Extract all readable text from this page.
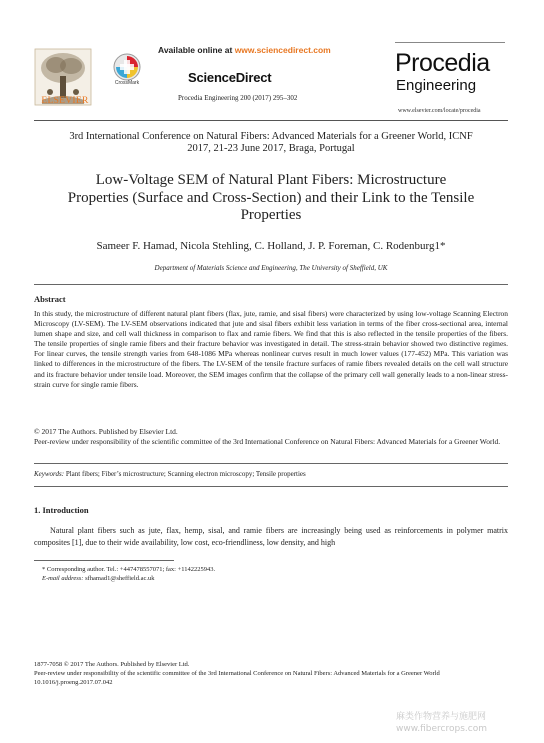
ELSEVIER
CrossMark
Available online at www.sciencedirect.com
ScienceDirect
Procedia Engineering 200 (2017) 295–302
Procedia
Engineering
www.elsevier.com/locate/procedia
3rd International Conference on Natural Fibers: Advanced Materials for a Greener World, ICNF
2017, 21-23 June 2017, Braga, Portugal
Low-Voltage SEM of Natural Plant Fibers: Microstructure
Properties (Surface and Cross-Section) and their Link to the Tensile
Properties
Sameer F. Hamad, Nicola Stehling, C. Holland, J. P. Foreman, C. Rodenburg1*
Department of Materials Science and Engineering, The University of Sheffield, UK
Abstract
In this study, the microstructure of different natural plant fibers (flax, jute, ramie, and sisal fibers) were characterized by using low-voltage Scanning Electron Microscopy (LV-SEM). The LV-SEM observations indicated that jute and sisal fibers exhibit less variation in terms of the fiber cross-sectional area, internal lumen shape and size, and cell wall thickness in comparison to flax and ramie fibers. We find that this is also reflected in the tensile properties of the fibers. The tensile properties of single ramie fibers and their fracture behavior was investigated in detail. The stress-strain behavior showed two distinctive regimes. For linear curves, the tensile strength varies from 648-1086 MPa whereas nonlinear curves result in much lower values (177-452) MPa. This variation was linked to differences in the microstructure of the fibers. The LV-SEM of the tensile fracture surfaces of ramie fibers revealed details on the cell wall structure and its fracture behavior under tensile load. Moreover, the SEM images confirm that the collapse of the primary cell wall generally leads to a non-linear stress-strain curve for single ramie fibers.
© 2017 The Authors. Published by Elsevier Ltd.
Peer-review under responsibility of the scientific committee of the 3rd International Conference on Natural Fibers: Advanced Materials for a Greener World.
Keywords: Plant fibers; Fiber’s microstructure; Scanning electron microscopy; Tensile properties
1. Introduction
Natural plant fibers such as jute, flax, hemp, sisal, and ramie fibers are increasingly being used as reinforcements in polymer matrix composites [1], due to their wide availability, low cost, eco-friendliness, low density, and high
* Corresponding author. Tel.: +447478557071; fax: +1142225943.
E-mail address: sfhamad1@sheffield.ac.uk
1877-7058 © 2017 The Authors. Published by Elsevier Ltd.
Peer-review under responsibility of the scientific committee of the 3rd International Conference on Natural Fibers: Advanced Materials for a Greener World
10.1016/j.proeng.2017.07.042
麻类作物营养与施肥网
www.fibercrops.com
